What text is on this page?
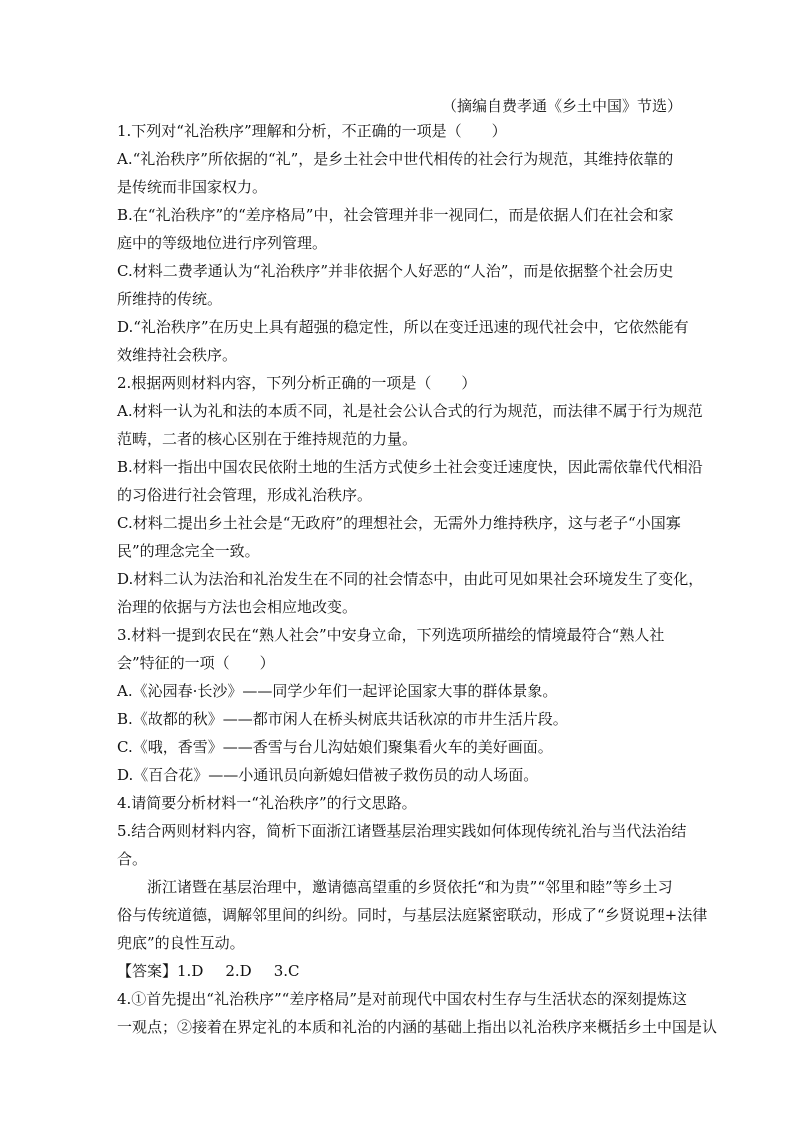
（摘编自费孝通《乡土中国》节选）

1.下列对“礼治秩序”理解和分析，不正确的一项是（　　）

A.“礼治秩序”所依据的“礼”，是乡土社会中世代相传的社会行为规范，其维持依靠的

是传统而非国家权力。

B.在“礼治秩序”的“差序格局”中，社会管理并非一视同仁，而是依据人们在社会和家

庭中的等级地位进行序列管理。

C.材料二费孝通认为“礼治秩序”并非依据个人好恶的“人治”，而是依据整个社会历史

所维持的传统。

D.“礼治秩序”在历史上具有超强的稳定性，所以在变迁迅速的现代社会中，它依然能有

效维持社会秩序。

2.根据两则材料内容，下列分析正确的一项是（　　）

A.材料一认为礼和法的本质不同，礼是社会公认合式的行为规范，而法律不属于行为规范

范畴，二者的核心区别在于维持规范的力量。

B.材料一指出中国农民依附土地的生活方式使乡土社会变迁速度快，因此需依靠代代相沿

的习俗进行社会管理，形成礼治秩序。

C.材料二提出乡土社会是“无政府”的理想社会，无需外力维持秩序，这与老子“小国寡

民”的理念完全一致。

D.材料二认为法治和礼治发生在不同的社会情态中，由此可见如果社会环境发生了变化，

治理的依据与方法也会相应地改变。

3.材料一提到农民在“熟人社会”中安身立命，下列选项所描绘的情境最符合“熟人社

会”特征的一项（　　）

A.《沁园春·长沙》——同学少年们一起评论国家大事的群体景象。

B.《故都的秋》——都市闲人在桥头树底共话秋凉的市井生活片段。

C.《哦，香雪》——香雪与台儿沟姑娘们聚集看火车的美好画面。

D.《百合花》——小通讯员向新媳妇借被子救伤员的动人场面。

4.请简要分析材料一“礼治秩序”的行文思路。

5.结合两则材料内容，简析下面浙江诸暨基层治理实践如何体现传统礼治与当代法治结

合。

浙江诸暨在基层治理中，邀请德高望重的乡贤依托“和为贵”“邻里和睦”等乡土习

俗与传统道德，调解邻里间的纠纷。同时，与基层法庭紧密联动，形成了“乡贤说理+法律

兜底”的良性互动。

【答案】1.D 2.D 3.C

4.①首先提出“礼治秩序”“差序格局”是对前现代中国农村生存与生活状态的深刻提炼这

一观点；②接着在界定礼的本质和礼治的内涵的基础上指出以礼治秩序来概括乡土中国是认
